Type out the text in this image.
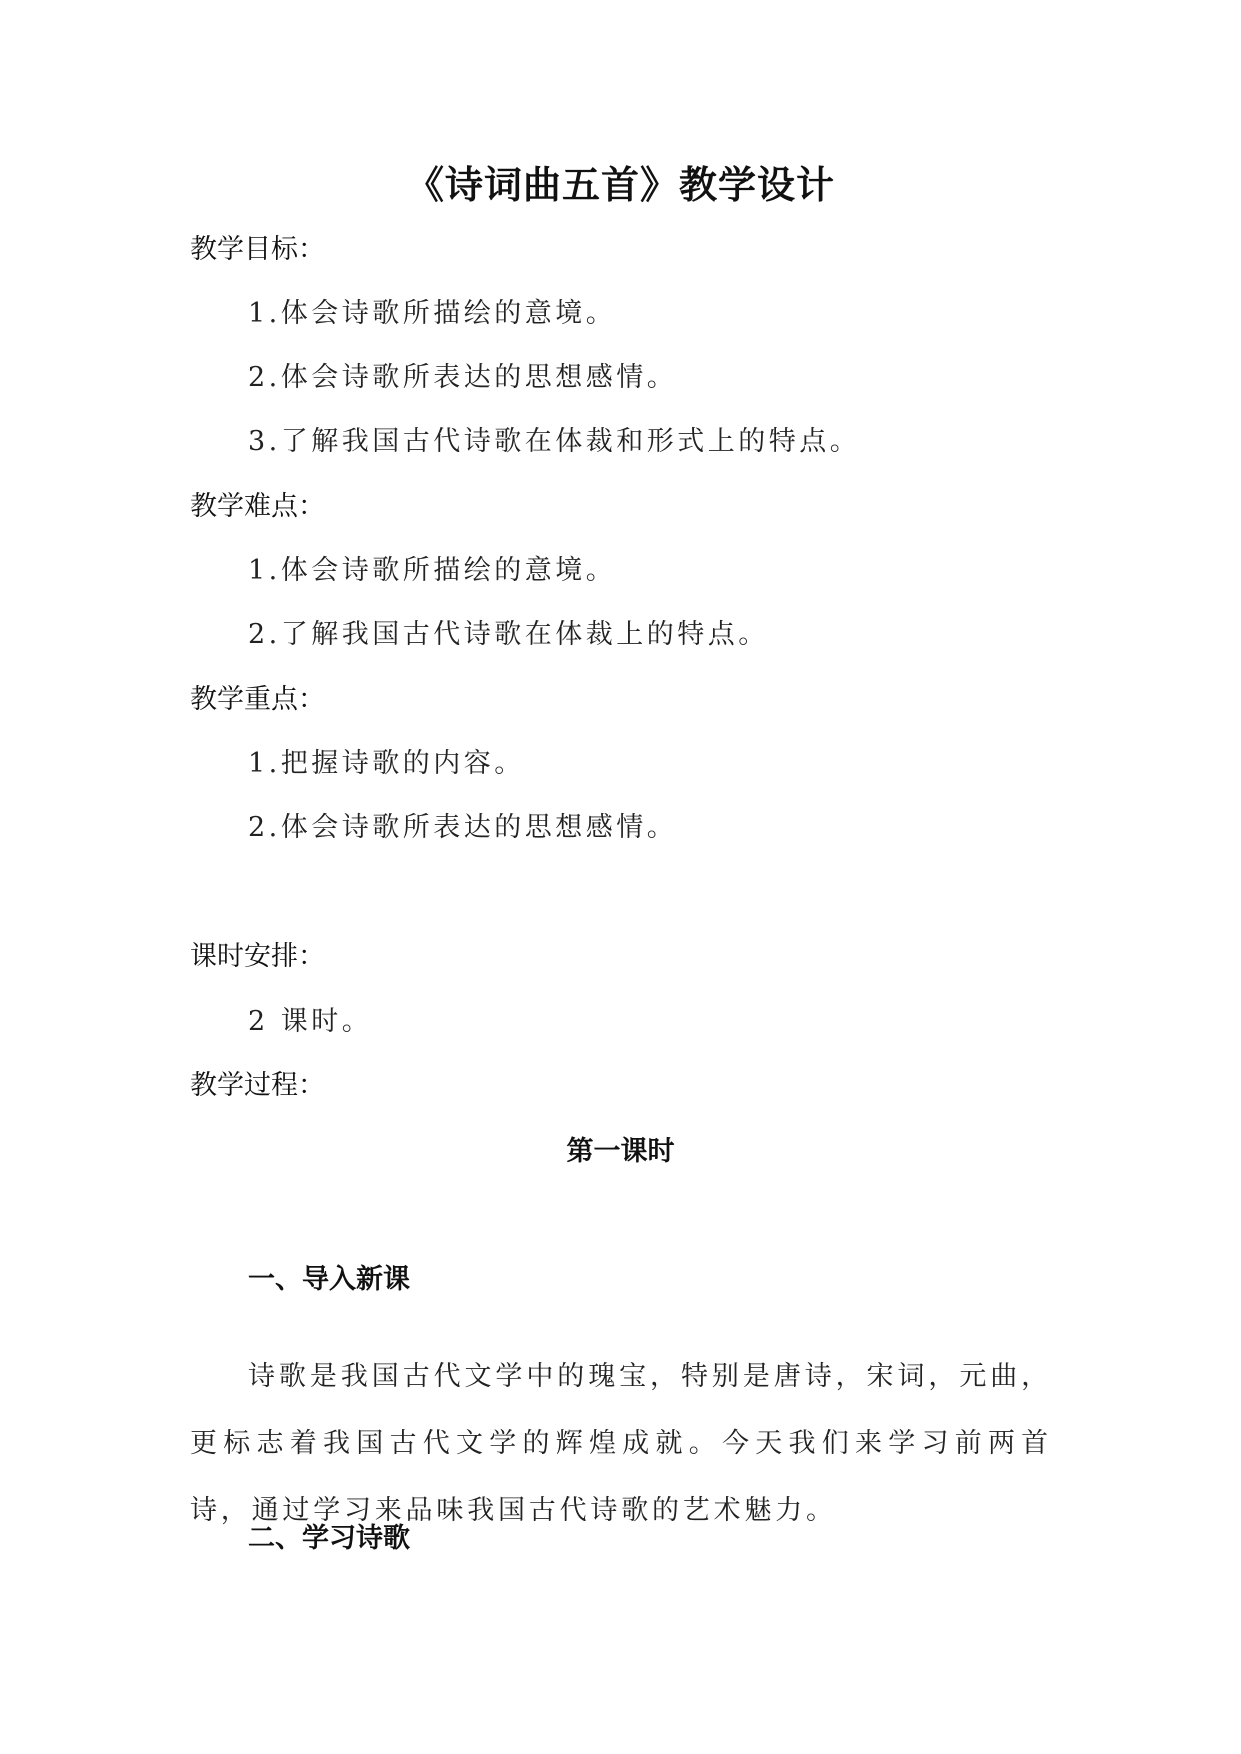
《诗词曲五首》教学设计
教学目标：
1.体会诗歌所描绘的意境。
2.体会诗歌所表达的思想感情。
3.了解我国古代诗歌在体裁和形式上的特点。
教学难点：
1.体会诗歌所描绘的意境。
2.了解我国古代诗歌在体裁上的特点。
教学重点：
1.把握诗歌的内容。
2.体会诗歌所表达的思想感情。
课时安排：
2 课时。
教学过程：
第一课时
一、导入新课

诗歌是我国古代文学中的瑰宝，特别是唐诗，宋词，元曲，更标志着我国古代文学的辉煌成就。今天我们来学习前两首诗，通过学习来品味我国古代诗歌的艺术魅力。

二、学习诗歌
